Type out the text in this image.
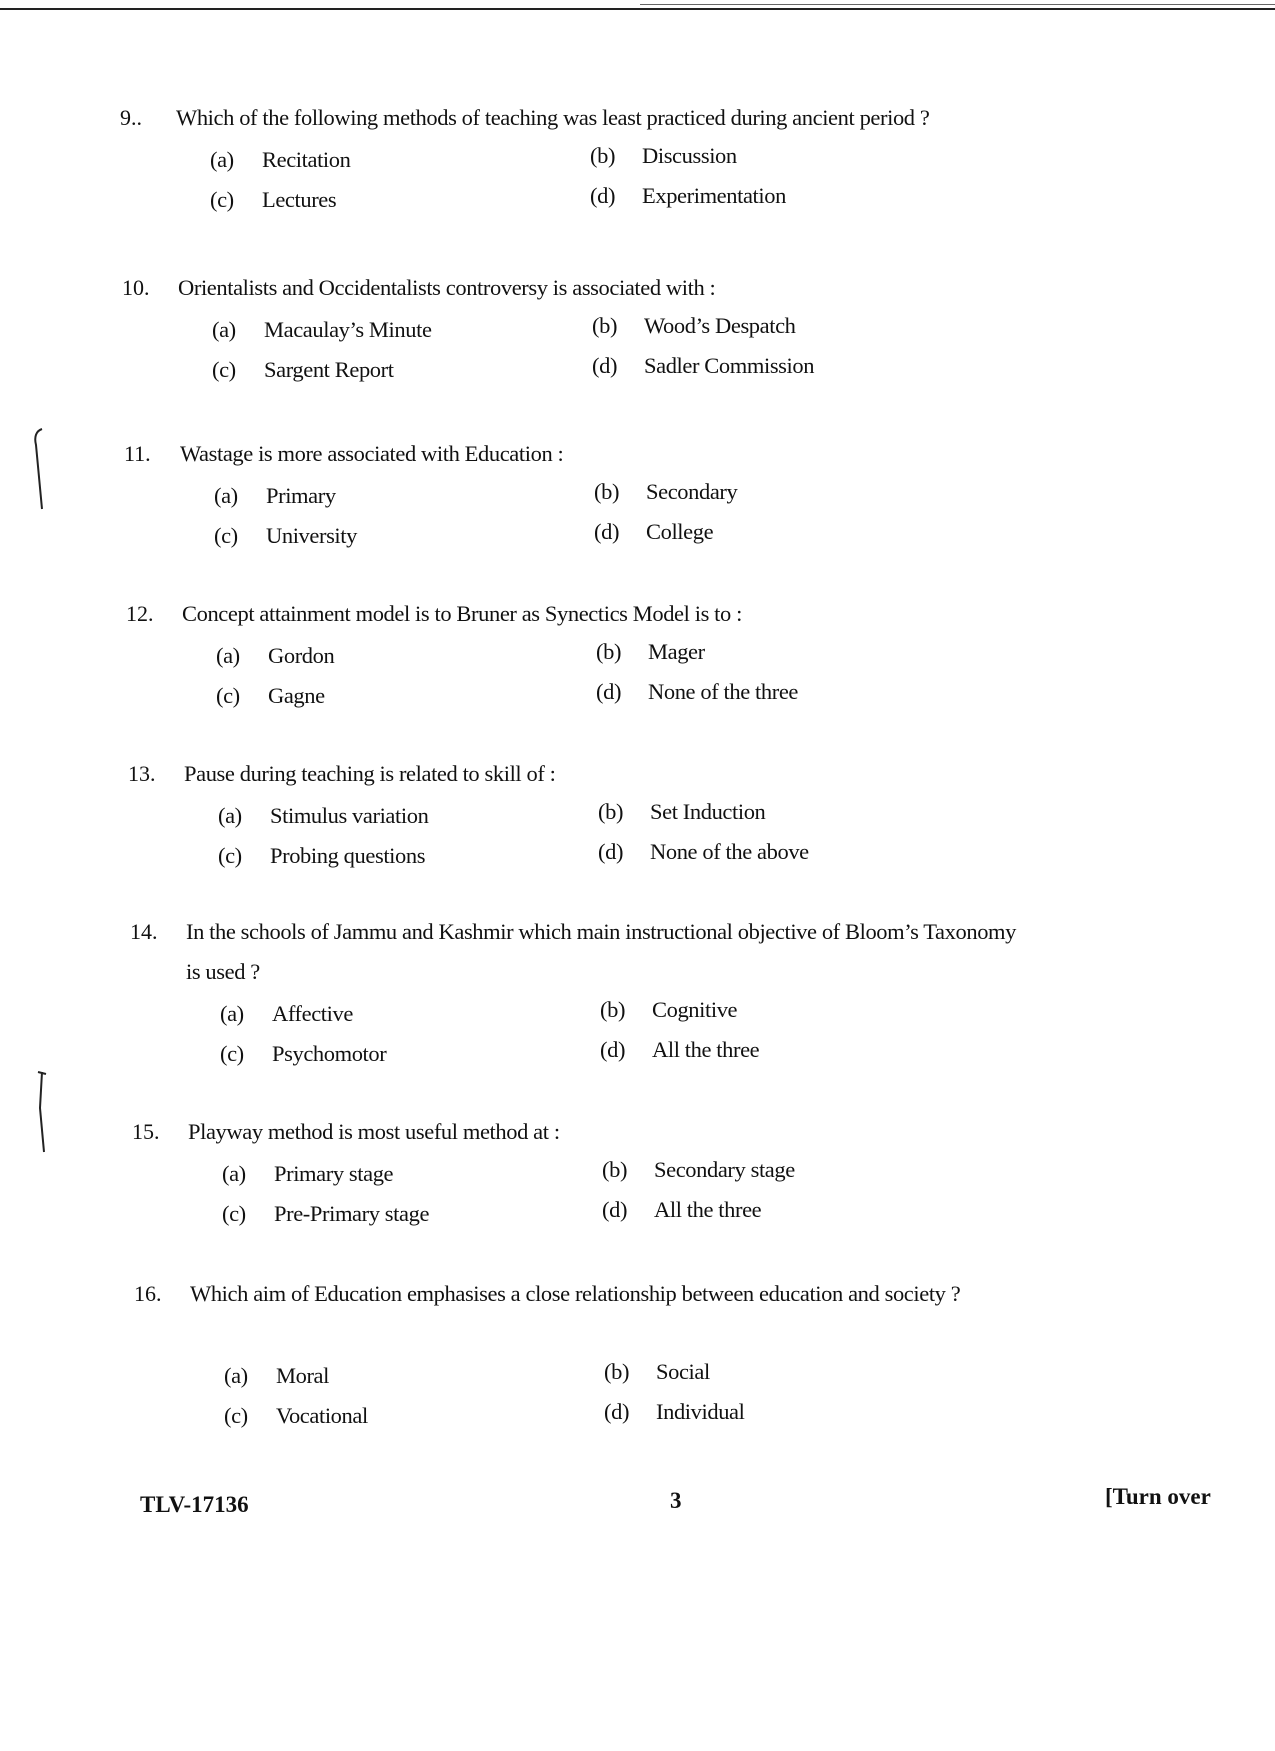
9.. Which of the following methods of teaching was least practiced during ancient period ?
(a) Recitation	(b) Discussion
(c) Lectures	(d) Experimentation
10. Orientalists and Occidentalists controversy is associated with :
(a) Macaulay’s Minute	(b) Wood’s Despatch
(c) Sargent Report	(d) Sadler Commission
11. Wastage is more associated with Education :
(a) Primary	(b) Secondary
(c) University	(d) College
12. Concept attainment model is to Bruner as Synectics Model is to :
(a) Gordon	(b) Mager
(c) Gagne	(d) None of the three
13. Pause during teaching is related to skill of :
(a) Stimulus variation	(b) Set Induction
(c) Probing questions	(d) None of the above
14. In the schools of Jammu and Kashmir which main instructional objective of Bloom’s Taxonomy is used ?
(a) Affective	(b) Cognitive
(c) Psychomotor	(d) All the three
15. Playway method is most useful method at :
(a) Primary stage	(b) Secondary stage
(c) Pre-Primary stage	(d) All the three
16. Which aim of Education emphasises a close relationship between education and society ?
(a) Moral	(b) Social
(c) Vocational	(d) Individual
TLV-17136	3	[Turn over
